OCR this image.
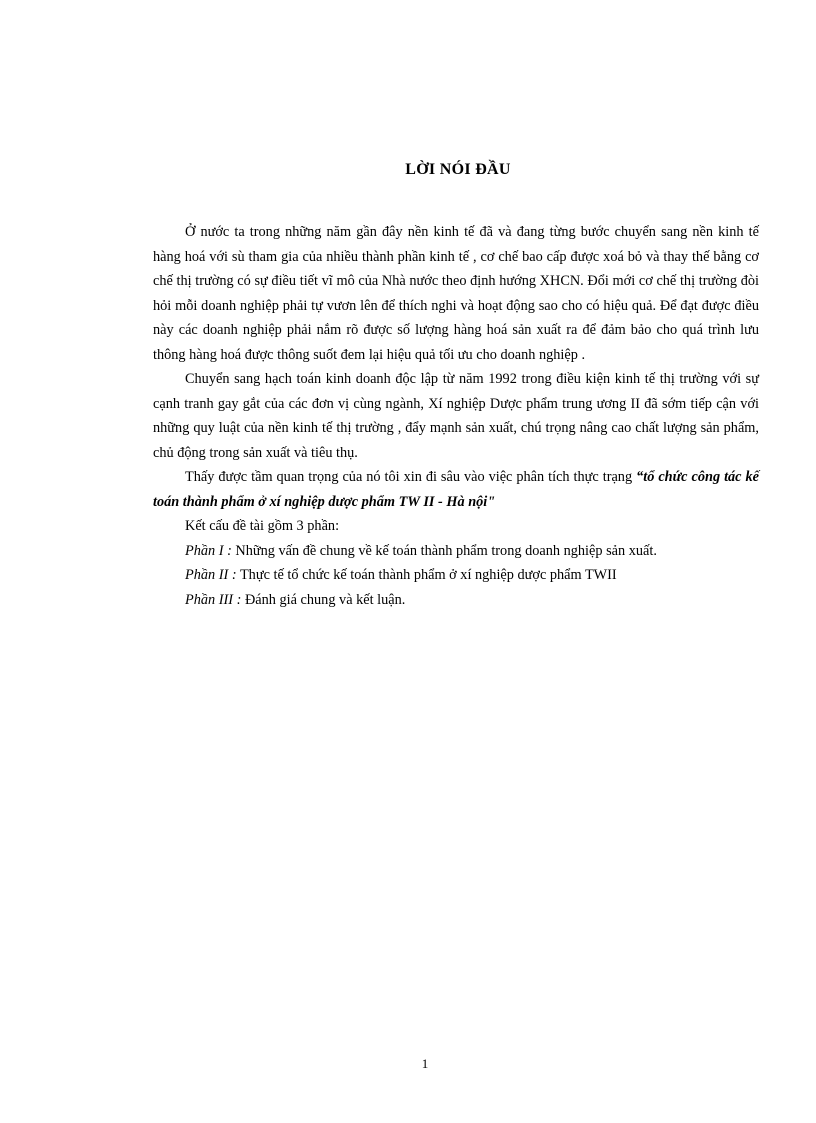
LỜI NÓI ĐẦU

Ở nước ta trong những năm gần đây nền kinh tế đã và đang từng bước chuyển sang nền kinh tế hàng hoá với sù tham gia của nhiều thành phần kinh tế , cơ chế bao cấp được xoá bỏ và thay thế bằng cơ chế thị trường có sự điều tiết vĩ mô của Nhà nước theo định hướng XHCN. Đổi mới cơ chế thị trường đòi hỏi mỗi doanh nghiệp phải tự vươn lên để thích nghi và hoạt động sao cho có hiệu quả. Để đạt được điều này các doanh nghiệp phải nắm rõ được số lượng hàng hoá sản xuất ra để đảm bảo cho quá trình lưu thông hàng hoá được thông suốt đem lại hiệu quả tối ưu cho doanh nghiệp .

Chuyển sang hạch toán kinh doanh độc lập từ năm 1992 trong điều kiện kinh tế thị trường với sự cạnh tranh gay gắt của các đơn vị cùng ngành, Xí nghiệp Dược phẩm trung ương II đã sớm tiếp cận với những quy luật của nền kinh tế thị trường , đẩy mạnh sản xuất, chú trọng nâng cao chất lượng sản phẩm, chủ động trong sản xuất và tiêu thụ.

Thấy được tầm quan trọng của nó tôi xin đi sâu vào việc phân tích thực trạng “tổ chức công tác kế toán thành phẩm ở xí nghiệp dược phẩm TW II - Hà nội"

Kết cấu đề tài gồm 3 phần:

Phần I : Những vấn đề chung về kế toán thành phẩm trong doanh nghiệp sản xuất.

Phần II : Thực tế tổ chức kế toán thành phẩm ở xí nghiệp dược phẩm TWII

Phần III : Đánh giá chung và kết luận.

1
